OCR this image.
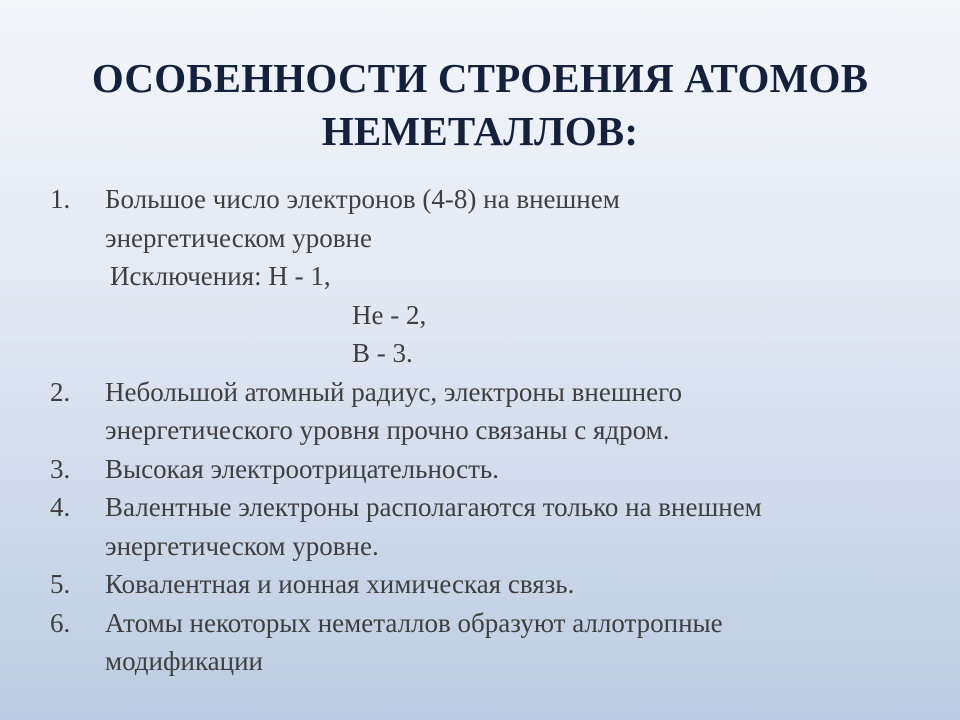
ОСОБЕННОСТИ СТРОЕНИЯ АТОМОВ
НЕМЕТАЛЛОВ:
1.	Большое число электронов (4-8) на внешнем
энергетическом уровне
Исключения: H - 1,
He - 2,
B - 3.
2.	Небольшой атомный радиус, электроны внешнего
энергетического уровня прочно связаны с ядром.
3.	Высокая электроотрицательность.
4.	Валентные электроны располагаются только на внешнем
энергетическом уровне.
5.	Ковалентная и ионная химическая связь.
6.	Атомы некоторых неметаллов образуют аллотропные
модификации
